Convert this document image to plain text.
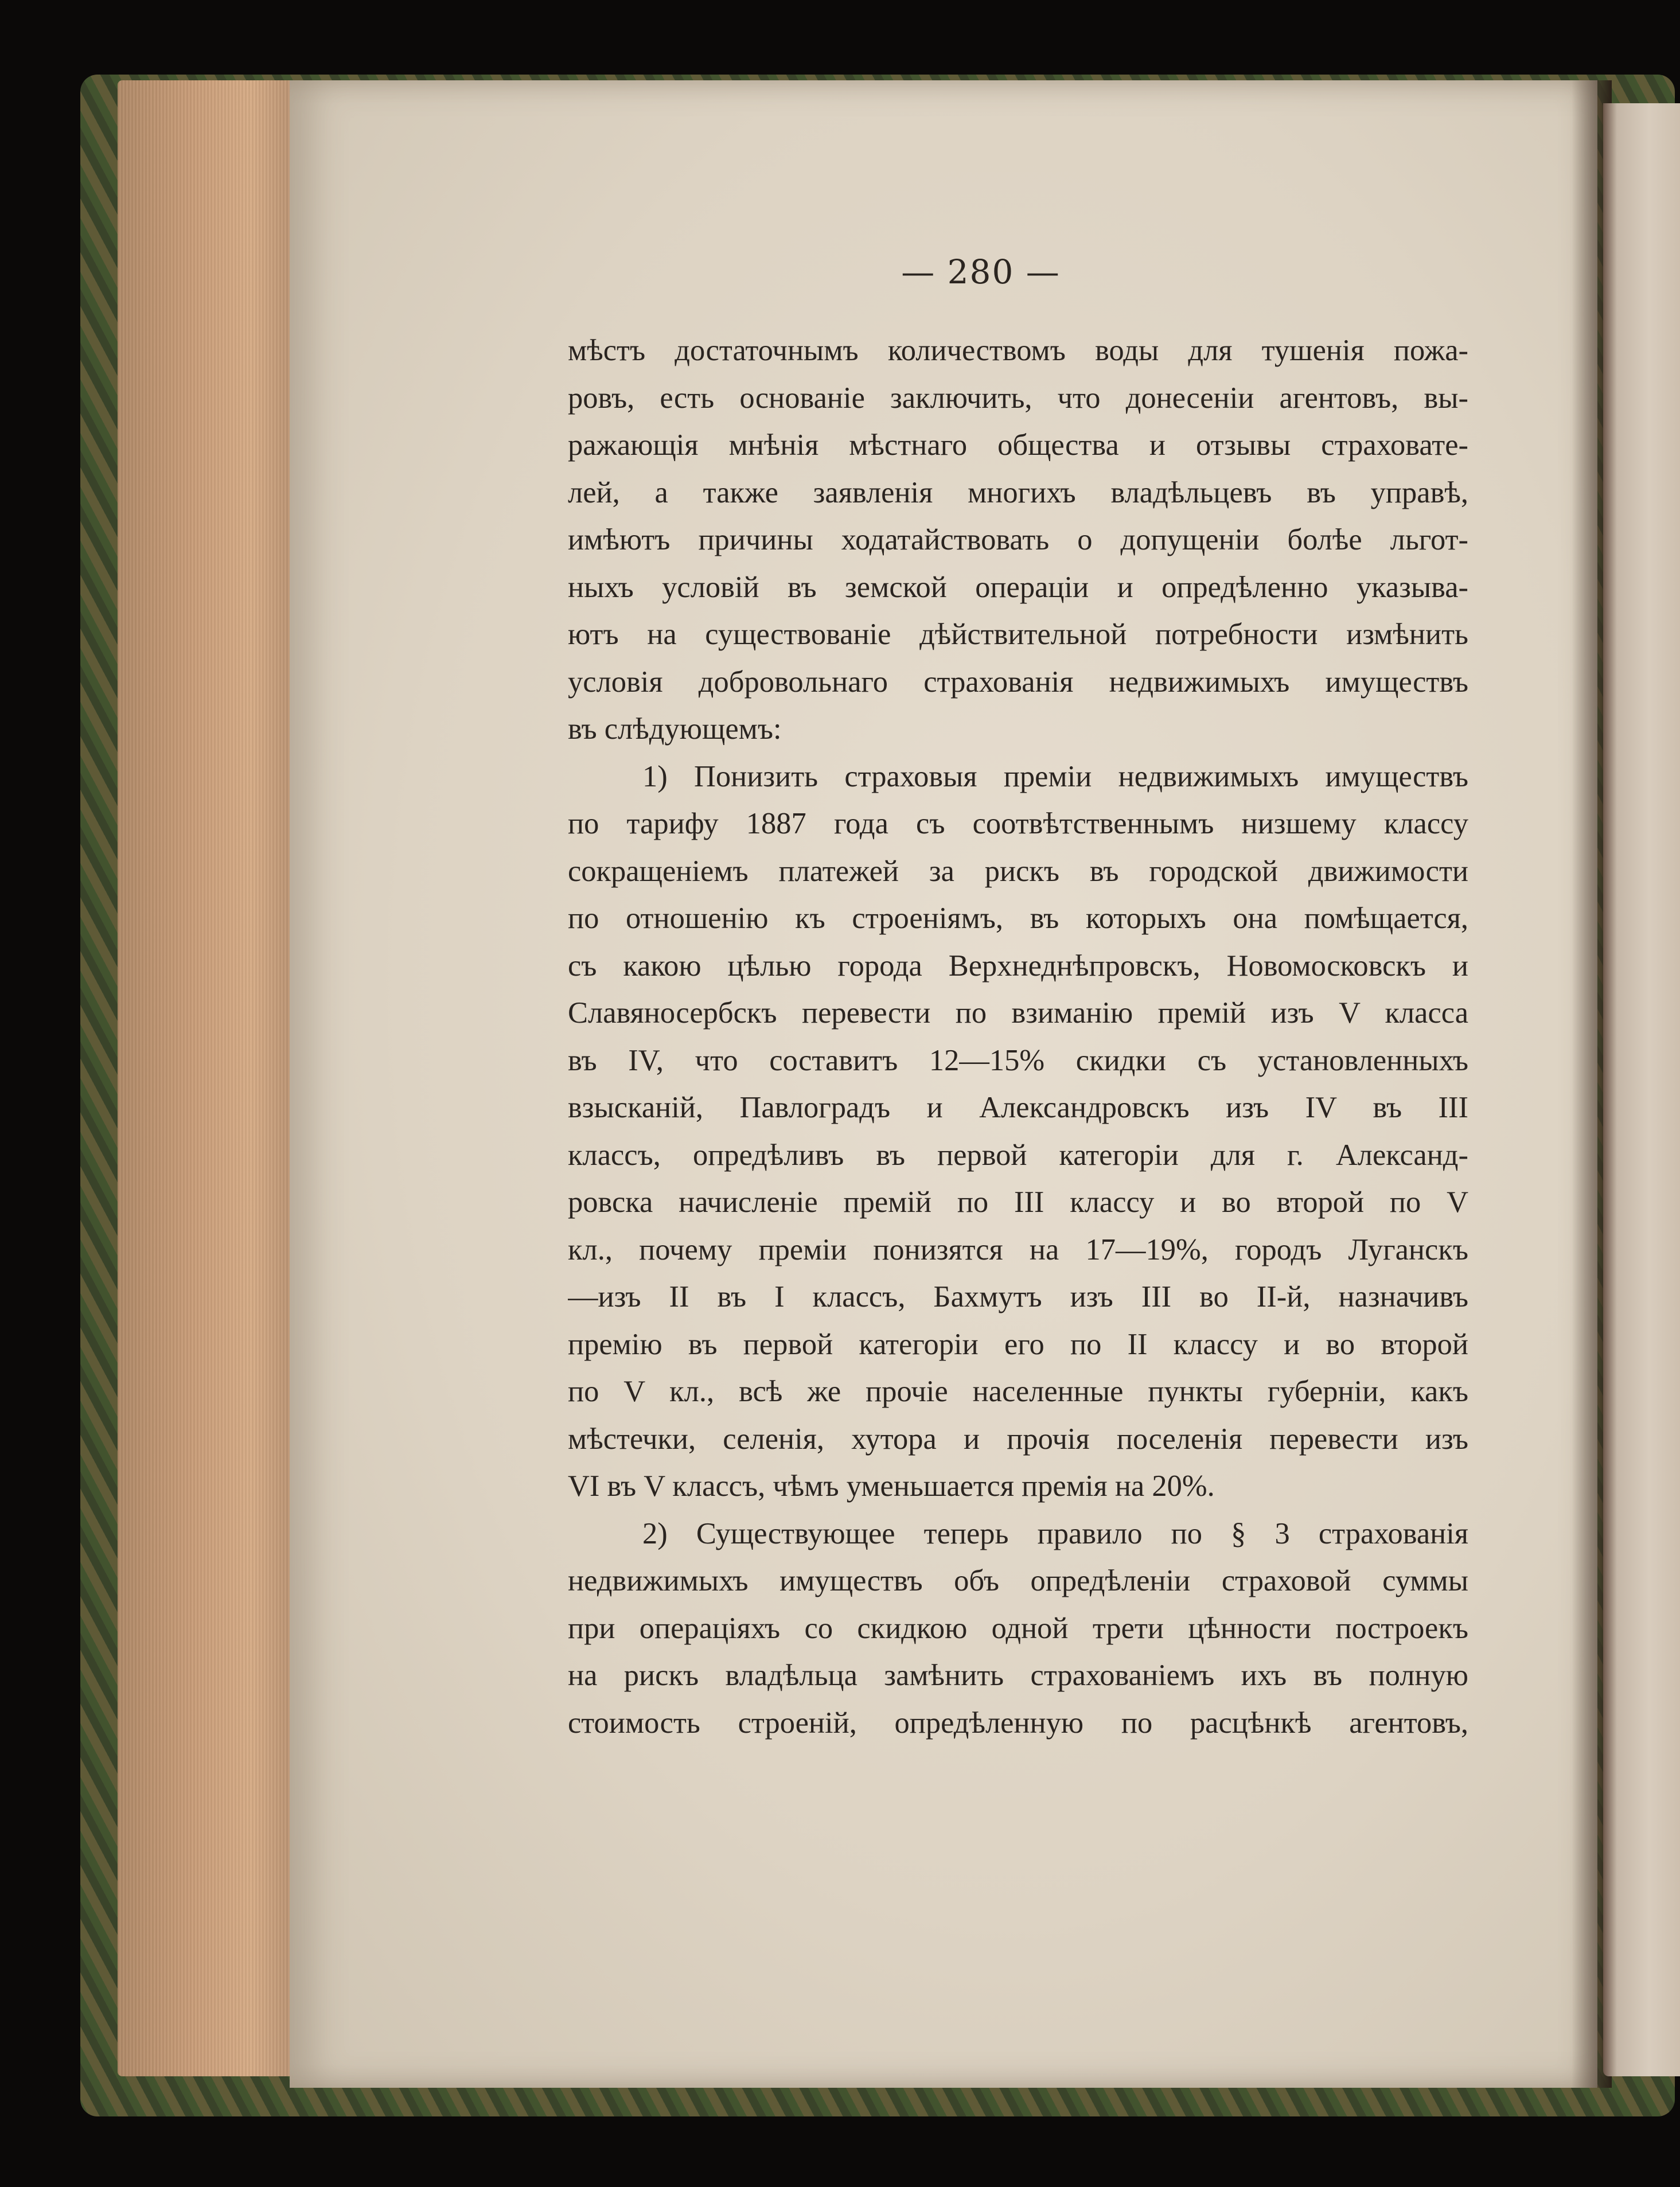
— 280 —
мѣстъ достаточнымъ количествомъ воды для тушенія пожа-
ровъ, есть основаніе заключить, что донесеніи агентовъ, вы-
ражающія мнѣнія мѣстнаго общества и отзывы страховате-
лей, а также заявленія многихъ владѣльцевъ въ управѣ,
имѣютъ причины ходатайствовать о допущеніи болѣе льгот-
ныхъ условій въ земской операціи и опредѣленно указыва-
ютъ на существованіе дѣйствительной потребности измѣнить
условія добровольнаго страхованія недвижимыхъ имуществъ
въ слѣдующемъ:
1) Понизить страховыя преміи недвижимыхъ имуществъ
по тарифу 1887 года съ соотвѣтственнымъ низшему классу
сокращеніемъ платежей за рискъ въ городской движимости
по отношенію къ строеніямъ, въ которыхъ она помѣщается,
съ какою цѣлью города Верхнеднѣпровскъ, Новомосковскъ и
Славяносербскъ перевести по взиманію премій изъ V класса
въ IV, что составитъ 12—15% скидки съ установленныхъ
взысканій, Павлоградъ и Александровскъ изъ IV въ III
классъ, опредѣливъ въ первой категоріи для г. Александ-
ровска начисленіе премій по III классу и во второй по V
кл., почему преміи понизятся на 17—19%, городъ Луганскъ
—изъ II въ I классъ, Бахмутъ изъ III во II-й, назначивъ
премію въ первой категоріи его по II классу и во второй
по V кл., всѣ же прочіе населенные пункты губерніи, какъ
мѣстечки, селенія, хутора и прочія поселенія перевести изъ
VI въ V классъ, чѣмъ уменьшается премія на 20%.
2) Существующее теперь правило по § 3 страхованія
недвижимыхъ имуществъ объ опредѣленіи страховой суммы
при операціяхъ со скидкою одной трети цѣнности построекъ
на рискъ владѣльца замѣнить страхованіемъ ихъ въ полную
стоимость строеній, опредѣленную по расцѣнкѣ агентовъ,
